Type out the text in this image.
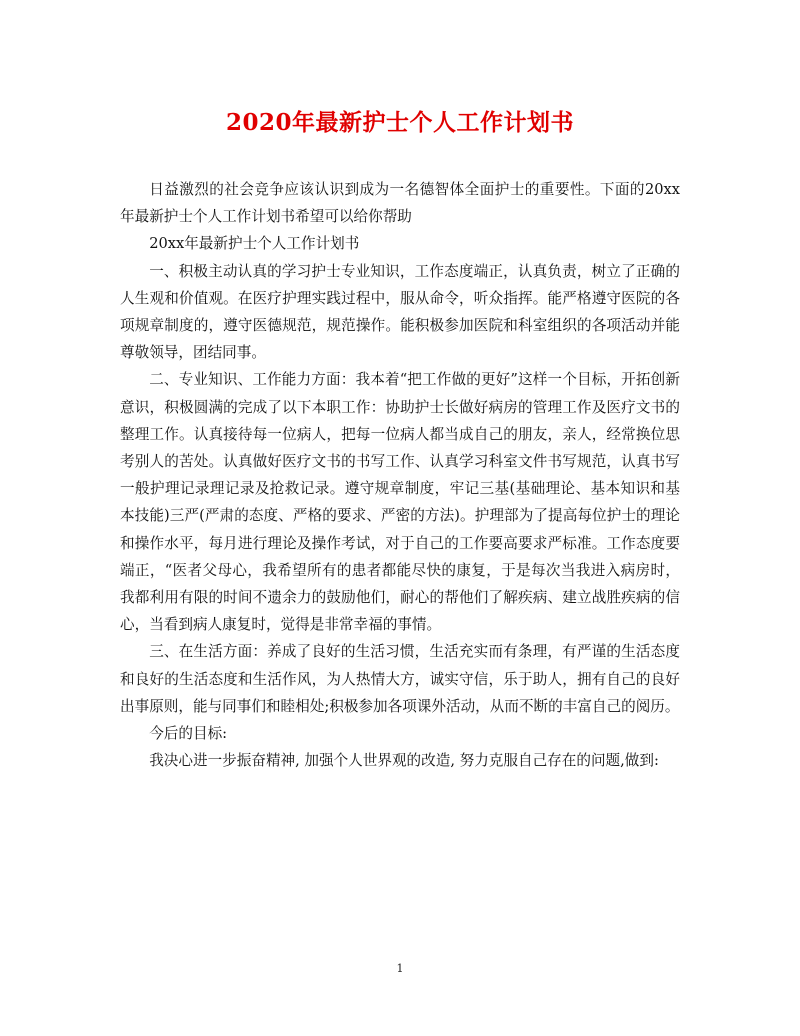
2020年最新护士个人工作计划书

日益激烈的社会竞争应该认识到成为一名德智体全面护士的重要性。下面的20xx年最新护士个人工作计划书希望可以给你帮助

20xx年最新护士个人工作计划书

一、积极主动认真的学习护士专业知识，工作态度端正，认真负责，树立了正确的人生观和价值观。在医疗护理实践过程中，服从命令，听众指挥。能严格遵守医院的各项规章制度的，遵守医德规范，规范操作。能积极参加医院和科室组织的各项活动并能尊敬领导，团结同事。

二、专业知识、工作能力方面：我本着“把工作做的更好”这样一个目标，开拓创新意识，积极圆满的完成了以下本职工作：协助护士长做好病房的管理工作及医疗文书的整理工作。认真接待每一位病人，把每一位病人都当成自己的朋友，亲人，经常换位思考别人的苦处。认真做好医疗文书的书写工作、认真学习科室文件书写规范，认真书写一般护理记录理记录及抢救记录。遵守规章制度，牢记三基(基础理论、基本知识和基本技能)三严(严肃的态度、严格的要求、严密的方法)。护理部为了提高每位护士的理论和操作水平，每月进行理论及操作考试，对于自己的工作要高要求严标准。工作态度要端正，“医者父母心，我希望所有的患者都能尽快的康复，于是每次当我进入病房时，我都利用有限的时间不遗余力的鼓励他们，耐心的帮他们了解疾病、建立战胜疾病的信心，当看到病人康复时，觉得是非常幸福的事情。

三、在生活方面：养成了良好的生活习惯，生活充实而有条理，有严谨的生活态度和良好的生活态度和生活作风，为人热情大方，诚实守信，乐于助人，拥有自己的良好出事原则，能与同事们和睦相处;积极参加各项课外活动，从而不断的丰富自己的阅历。

今后的目标:

我决心进一步振奋精神, 加强个人世界观的改造, 努力克服自己存在的问题,做到:

1
